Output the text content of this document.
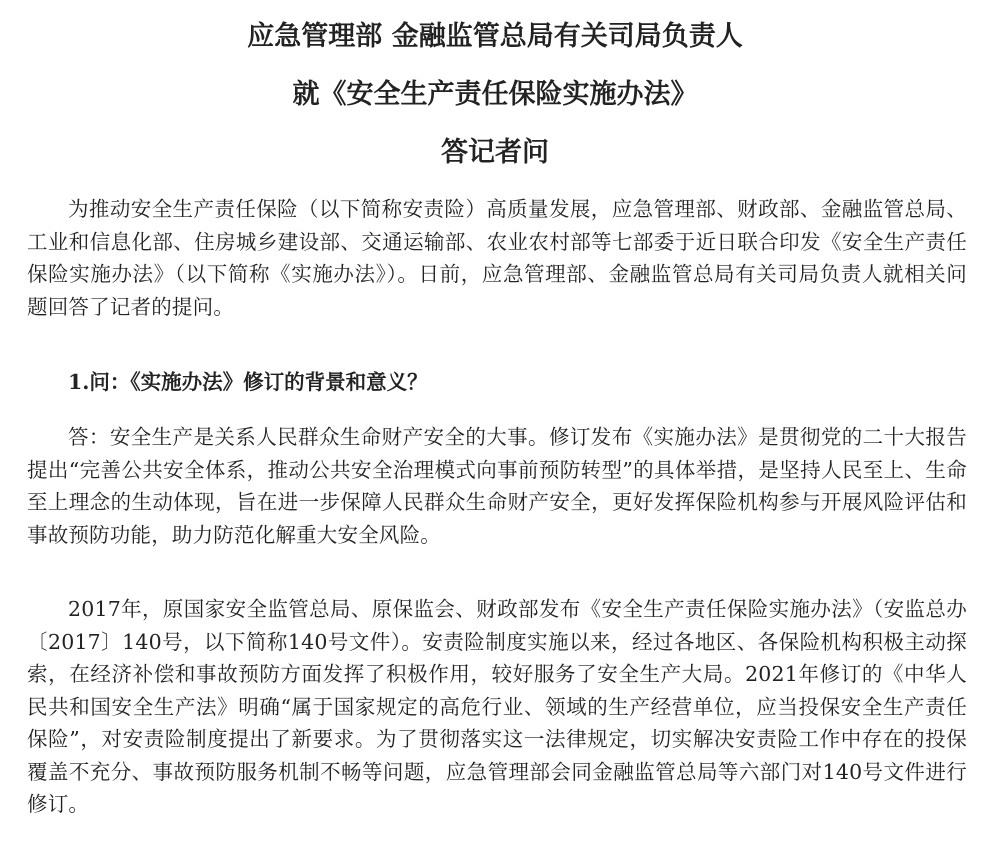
应急管理部 金融监管总局有关司局负责人
就《安全生产责任保险实施办法》
答记者问

为推动安全生产责任保险（以下简称安责险）高质量发展，应急管理部、财政部、金融监管总局、工业和信息化部、住房城乡建设部、交通运输部、农业农村部等七部委于近日联合印发《安全生产责任保险实施办法》（以下简称《实施办法》）。日前，应急管理部、金融监管总局有关司局负责人就相关问题回答了记者的提问。

1.问：《实施办法》修订的背景和意义？

答：安全生产是关系人民群众生命财产安全的大事。修订发布《实施办法》是贯彻党的二十大报告提出“完善公共安全体系，推动公共安全治理模式向事前预防转型”的具体举措，是坚持人民至上、生命至上理念的生动体现，旨在进一步保障人民群众生命财产安全，更好发挥保险机构参与开展风险评估和事故预防功能，助力防范化解重大安全风险。

2017年，原国家安全监管总局、原保监会、财政部发布《安全生产责任保险实施办法》（安监总办〔2017〕140号，以下简称140号文件）。安责险制度实施以来，经过各地区、各保险机构积极主动探索，在经济补偿和事故预防方面发挥了积极作用，较好服务了安全生产大局。2021年修订的《中华人民共和国安全生产法》明确“属于国家规定的高危行业、领域的生产经营单位，应当投保安全生产责任保险”，对安责险制度提出了新要求。为了贯彻落实这一法律规定，切实解决安责险工作中存在的投保覆盖不充分、事故预防服务机制不畅等问题，应急管理部会同金融监管总局等六部门对140号文件进行修订。
